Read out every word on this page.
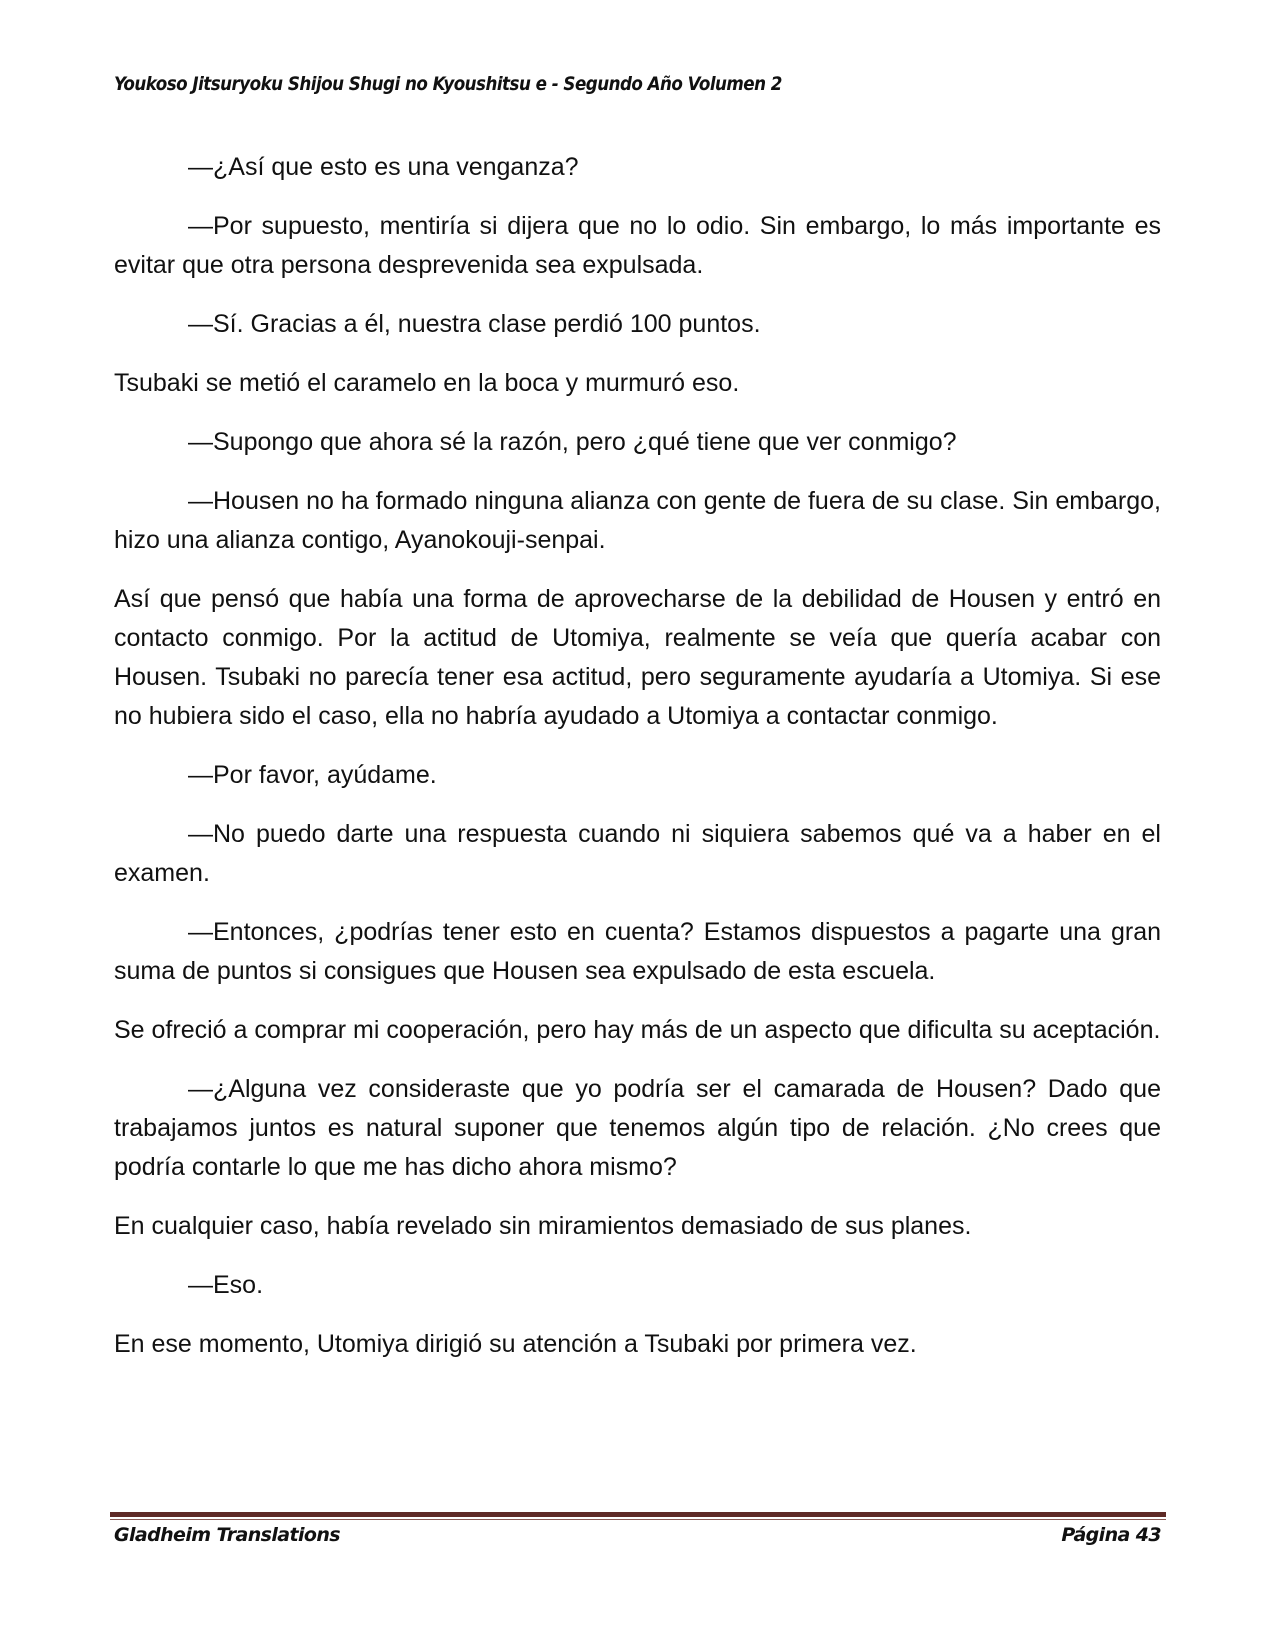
Youkoso Jitsuryoku Shijou Shugi no Kyoushitsu e - Segundo Año Volumen 2

—¿Así que esto es una venganza?

—Por supuesto, mentiría si dijera que no lo odio. Sin embargo, lo más importante es evitar que otra persona desprevenida sea expulsada.

—Sí. Gracias a él, nuestra clase perdió 100 puntos.

Tsubaki se metió el caramelo en la boca y murmuró eso.

—Supongo que ahora sé la razón, pero ¿qué tiene que ver conmigo?

—Housen no ha formado ninguna alianza con gente de fuera de su clase. Sin embargo, hizo una alianza contigo, Ayanokouji-senpai.

Así que pensó que había una forma de aprovecharse de la debilidad de Housen y entró en contacto conmigo. Por la actitud de Utomiya, realmente se veía que quería acabar con Housen. Tsubaki no parecía tener esa actitud, pero seguramente ayudaría a Utomiya. Si ese no hubiera sido el caso, ella no habría ayudado a Utomiya a contactar conmigo.

—Por favor, ayúdame.

—No puedo darte una respuesta cuando ni siquiera sabemos qué va a haber en el examen.

—Entonces, ¿podrías tener esto en cuenta? Estamos dispuestos a pagarte una gran suma de puntos si consigues que Housen sea expulsado de esta escuela.

Se ofreció a comprar mi cooperación, pero hay más de un aspecto que dificulta su aceptación.

—¿Alguna vez consideraste que yo podría ser el camarada de Housen? Dado que trabajamos juntos es natural suponer que tenemos algún tipo de relación. ¿No crees que podría contarle lo que me has dicho ahora mismo?

En cualquier caso, había revelado sin miramientos demasiado de sus planes.

—Eso.

En ese momento, Utomiya dirigió su atención a Tsubaki por primera vez.

Gladheim Translations	Página 43
